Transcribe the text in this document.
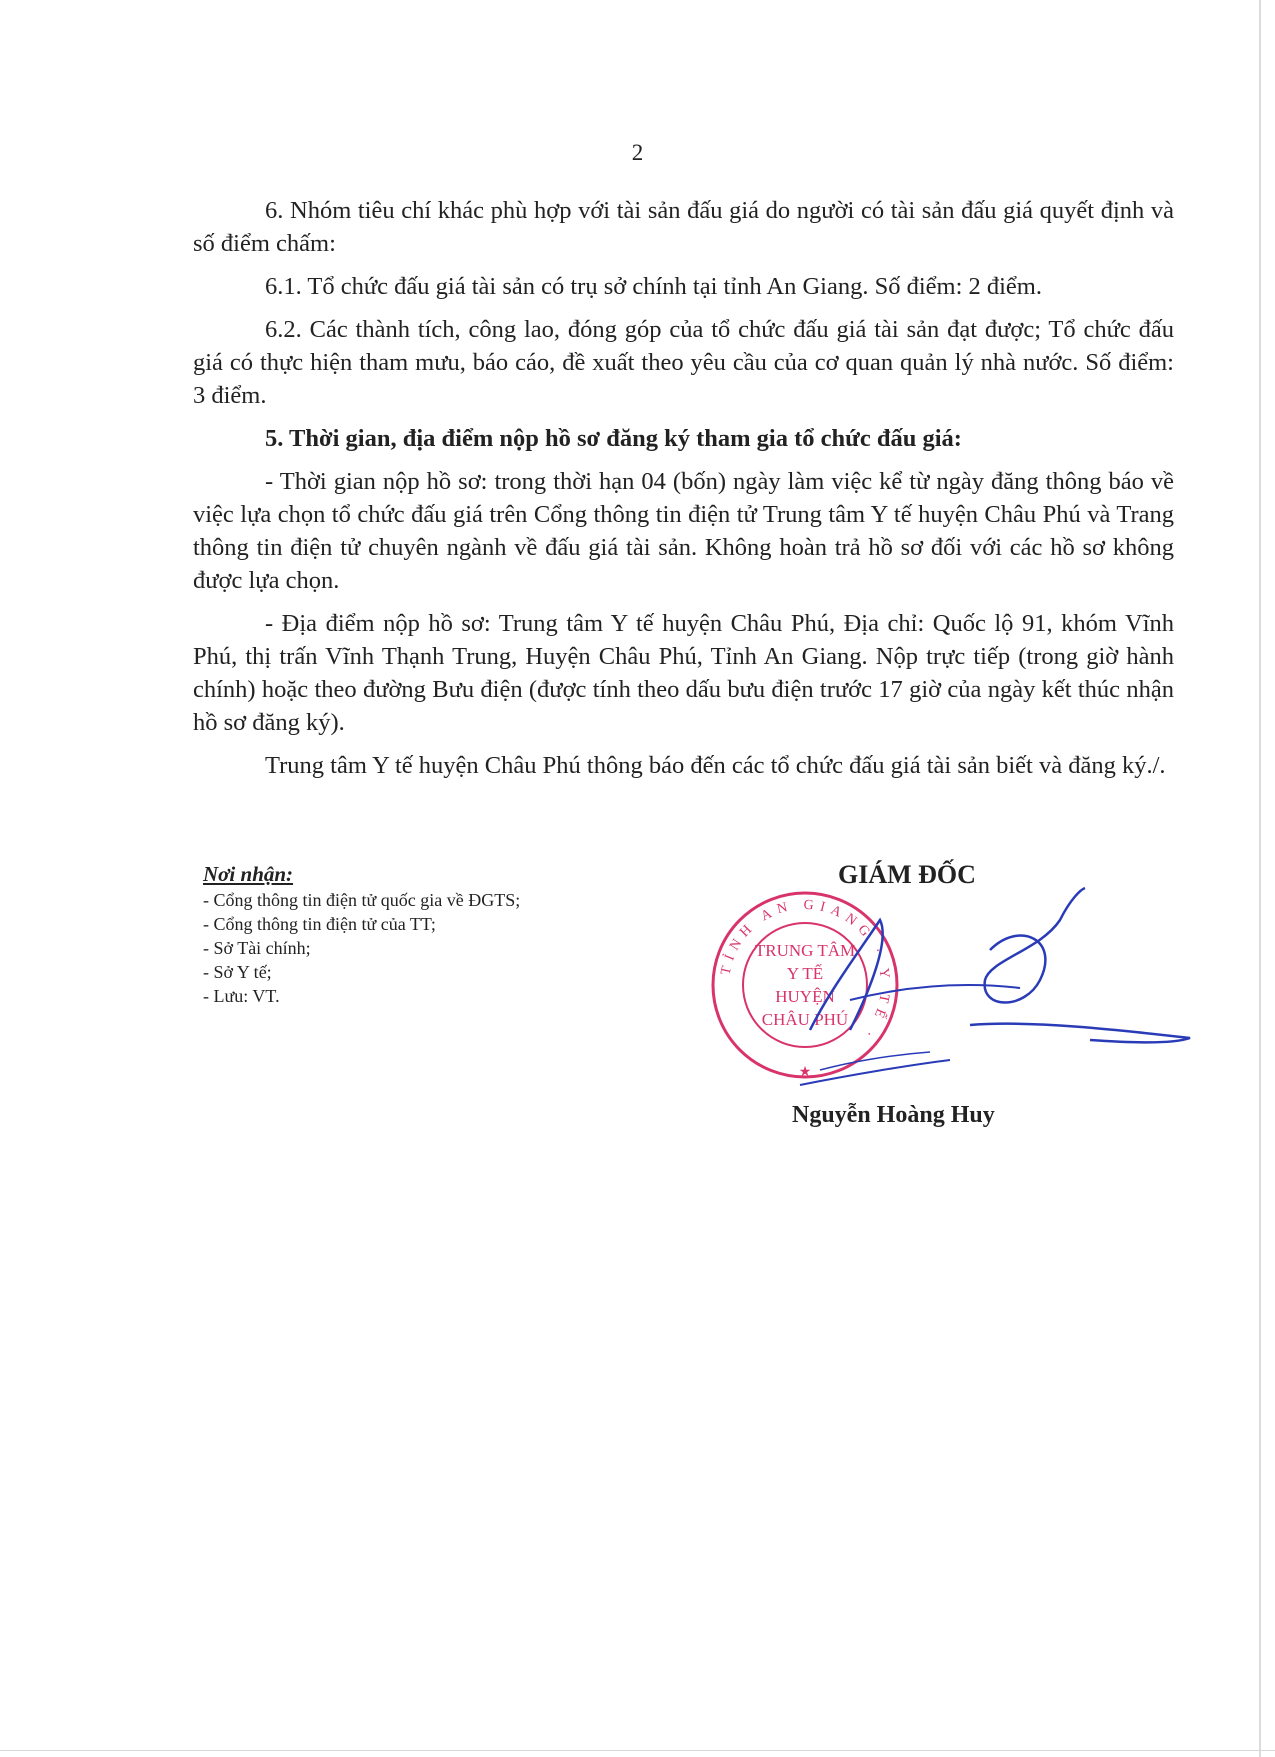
2

6. Nhóm tiêu chí khác phù hợp với tài sản đấu giá do người có tài sản đấu giá quyết định và số điểm chấm:

6.1. Tổ chức đấu giá tài sản có trụ sở chính tại tỉnh An Giang. Số điểm: 2 điểm.

6.2. Các thành tích, công lao, đóng góp của tổ chức đấu giá tài sản đạt được; Tổ chức đấu giá có thực hiện tham mưu, báo cáo, đề xuất theo yêu cầu của cơ quan quản lý nhà nước. Số điểm: 3 điểm.

5. Thời gian, địa điểm nộp hồ sơ đăng ký tham gia tổ chức đấu giá:

- Thời gian nộp hồ sơ: trong thời hạn 04 (bốn) ngày làm việc kể từ ngày đăng thông báo về việc lựa chọn tổ chức đấu giá trên Cổng thông tin điện tử Trung tâm Y tế huyện Châu Phú và Trang thông tin điện tử chuyên ngành về đấu giá tài sản. Không hoàn trả hồ sơ đối với các hồ sơ không được lựa chọn.

- Địa điểm nộp hồ sơ: Trung tâm Y tế huyện Châu Phú, Địa chỉ: Quốc lộ 91, khóm Vĩnh Phú, thị trấn Vĩnh Thạnh Trung, Huyện Châu Phú, Tỉnh An Giang. Nộp trực tiếp (trong giờ hành chính) hoặc theo đường Bưu điện (được tính theo dấu bưu điện trước 17 giờ của ngày kết thúc nhận hồ sơ đăng ký).

Trung tâm Y tế huyện Châu Phú thông báo đến các tổ chức đấu giá tài sản biết và đăng ký./.

Nơi nhận:
- Cổng thông tin điện tử quốc gia về ĐGTS;
- Cổng thông tin điện tử của TT;
- Sở Tài chính;
- Sở Y tế;
- Lưu: VT.
GIÁM ĐỐC
TỈNH AN GIANG · Y TẾ ·
TRUNG TÂM
Y TẾ
HUYỆN
CHÂU PHÚ
★
Nguyễn Hoàng Huy
